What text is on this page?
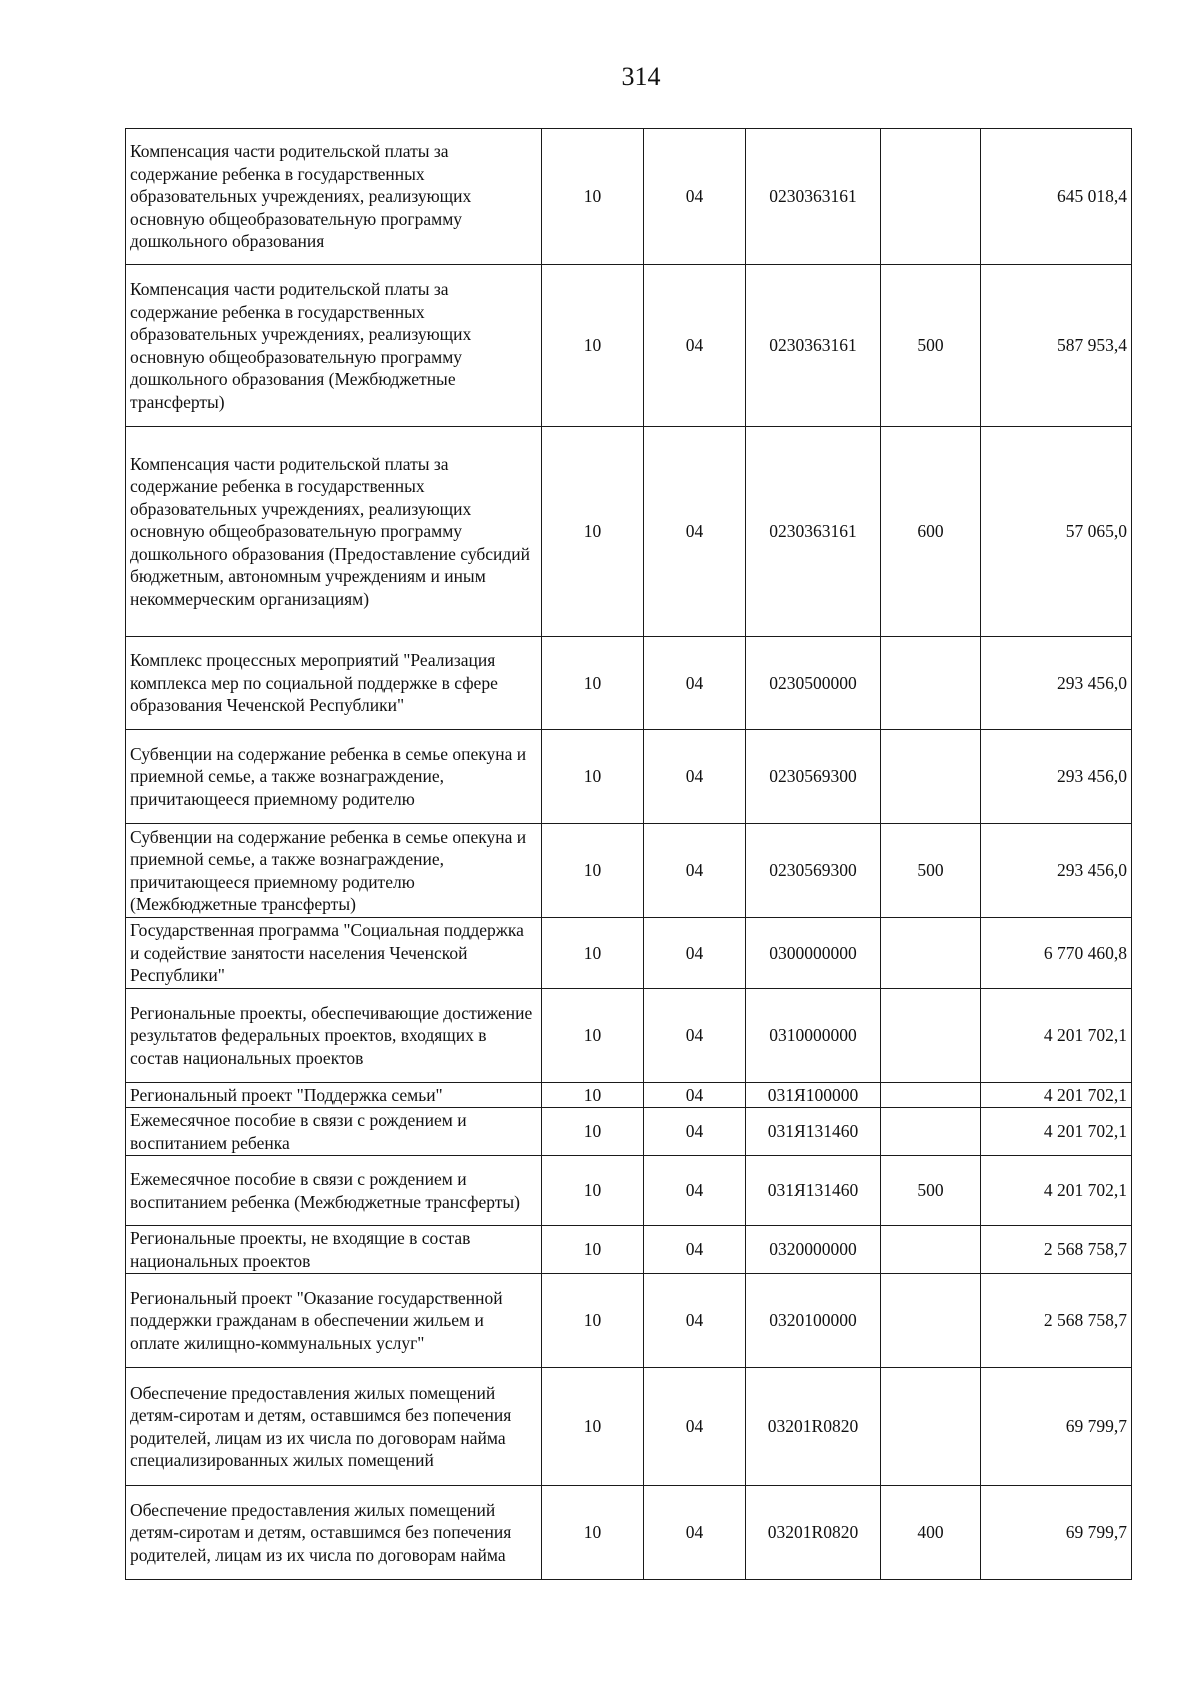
314
Компенсация части родительской платы за содержание ребенка в государственных образовательных учреждениях, реализующих основную общеобразовательную программу дошкольного образования	10	04	0230363161		645 018,4
Компенсация части родительской платы за содержание ребенка в государственных образовательных учреждениях, реализующих основную общеобразовательную программу дошкольного образования (Межбюджетные трансферты)	10	04	0230363161	500	587 953,4
Компенсация части родительской платы за содержание ребенка в государственных образовательных учреждениях, реализующих основную общеобразовательную программу дошкольного образования (Предоставление субсидий бюджетным, автономным учреждениям и иным некоммерческим организациям)	10	04	0230363161	600	57 065,0
Комплекс процессных мероприятий "Реализация комплекса мер по социальной поддержке в сфере образования Чеченской Республики"	10	04	0230500000		293 456,0
Субвенции на содержание ребенка в семье опекуна и приемной семье, а также вознаграждение, причитающееся приемному родителю	10	04	0230569300		293 456,0
Субвенции на содержание ребенка в семье опекуна и приемной семье, а также вознаграждение, причитающееся приемному родителю (Межбюджетные трансферты)	10	04	0230569300	500	293 456,0
Государственная программа "Социальная поддержка и содействие занятости населения Чеченской Республики"	10	04	0300000000		6 770 460,8
Региональные проекты, обеспечивающие достижение результатов федеральных проектов, входящих в состав национальных проектов	10	04	0310000000		4 201 702,1
Региональный проект "Поддержка семьи"	10	04	031Я100000		4 201 702,1
Ежемесячное пособие в связи с рождением и воспитанием ребенка	10	04	031Я131460		4 201 702,1
Ежемесячное пособие в связи с рождением и воспитанием ребенка (Межбюджетные трансферты)	10	04	031Я131460	500	4 201 702,1
Региональные проекты, не входящие в состав национальных проектов	10	04	0320000000		2 568 758,7
Региональный проект "Оказание государственной поддержки гражданам в обеспечении жильем и оплате жилищно-коммунальных услуг"	10	04	0320100000		2 568 758,7
Обеспечение предоставления жилых помещений детям-сиротам и детям, оставшимся без попечения родителей, лицам из их числа по договорам найма специализированных жилых помещений	10	04	03201R0820		69 799,7
Обеспечение предоставления жилых помещений детям-сиротам и детям, оставшимся без попечения родителей, лицам из их числа по договорам найма	10	04	03201R0820	400	69 799,7
